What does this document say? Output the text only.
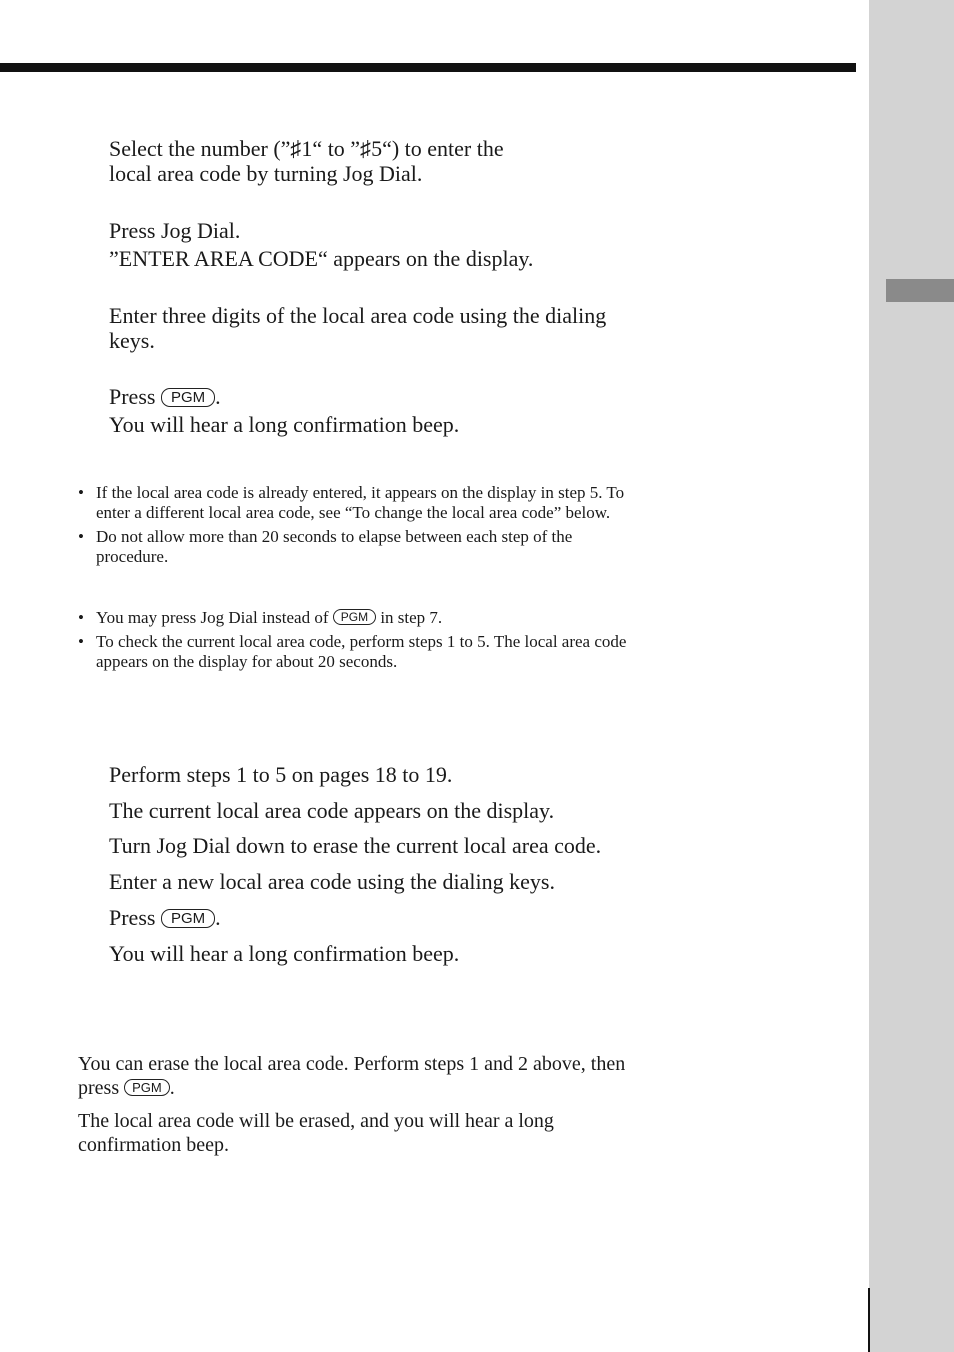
Select the number (”♯1“ to ”♯5“) to enter the
local area code by turning Jog Dial.
Press Jog Dial.
”ENTER AREA CODE“ appears on the display.
Enter three digits of the local area code using the dialing
keys.
Press PGM .
You will hear a long confirmation beep.
• If the local area code is already entered, it appears on the display in step 5. To
enter a different local area code, see “To change the local area code” below.
• Do not allow more than 20 seconds to elapse between each step of the
procedure.
• You may press Jog Dial instead of PGM in step 7.
• To check the current local area code, perform steps 1 to 5. The local area code
appears on the display for about 20 seconds.
Perform steps 1 to 5 on pages 18 to 19.
The current local area code appears on the display.
Turn Jog Dial down to erase the current local area code.
Enter a new local area code using the dialing keys.
Press PGM .
You will hear a long confirmation beep.
You can erase the local area code. Perform steps 1 and 2 above, then
press PGM .
The local area code will be erased, and you will hear a long
confirmation beep.
